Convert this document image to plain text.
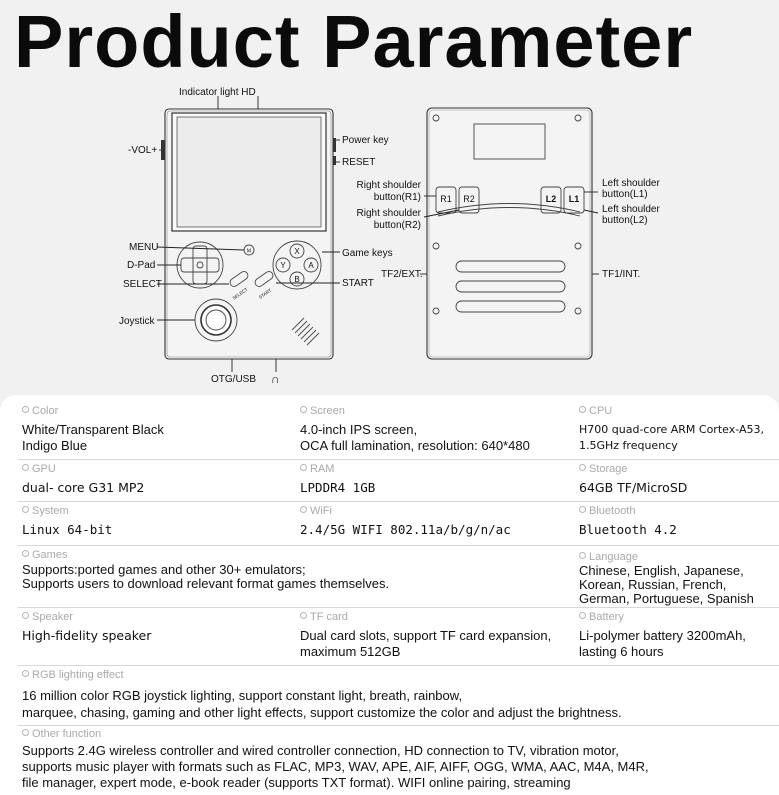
Product Parameter
M	X
Y	A
B
SELECT START
Indicator light HD
-VOL+
Power key
RESET
MENU
D-Pad
SELECT
Joystick
Game keys
START
OTG/USB ∩
R1 R2	L2 L1
Right shoulder
button(R1)
Right shoulder
button(R2)
Left shoulder
button(L1)
Left shoulder
button(L2)
TF2/EXT.	TF1/INT.
Color
White/Transparent Black
Indigo Blue
Screen
4.0-inch IPS screen,
OCA full lamination, resolution: 640*480
CPU
H700 quad-core ARM Cortex-A53,
1.5GHz frequency
GPU
dual- core G31 MP2
RAM
LPDDR4 1GB
Storage
64GB TF/MicroSD
System
Linux 64-bit
WiFi
2.4/5G WIFI 802.11a/b/g/n/ac
Bluetooth
Bluetooth 4.2
Games
Supports:ported games and other 30+ emulators;
Supports users to download relevant format games themselves.
Language
Chinese, English, Japanese,
Korean, Russian, French,
German, Portuguese, Spanish
Speaker
High-fidelity speaker
TF card
Dual card slots, support TF card expansion,
maximum 512GB
Battery
Li-polymer battery 3200mAh,
lasting 6 hours
RGB lighting effect
16 million color RGB joystick lighting, support constant light, breath, rainbow,
marquee, chasing, gaming and other light effects, support customize the color and adjust the brightness.
Other function
Supports 2.4G wireless controller and wired controller connection, HD connection to TV, vibration motor,
supports music player with formats such as FLAC, MP3, WAV, APE, AIF, AIFF, OGG, WMA, AAC, M4A, M4R,
file manager, expert mode, e-book reader (supports TXT format). WIFI online pairing, streaming
